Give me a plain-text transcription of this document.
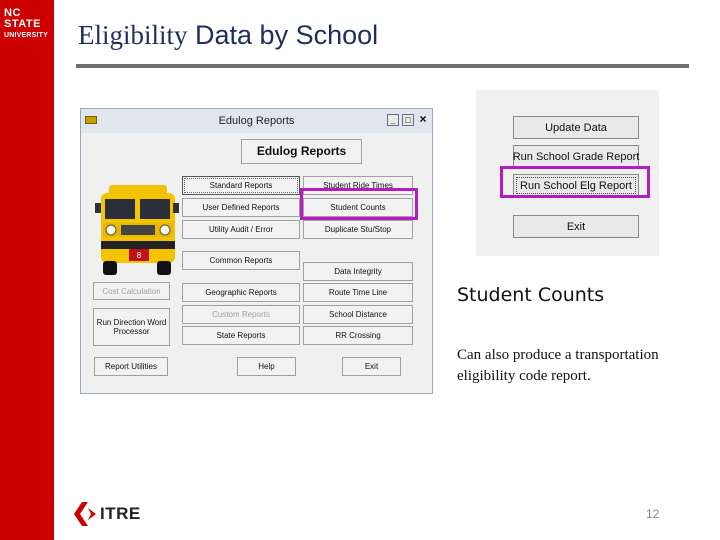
NC STATE
UNIVERSITY Eligibility Data by School
Edulog Reports	_	□ ×
Edulog Reports
8
Standard Reports
User Defined Reports
Utility Audit / Error
Common Reports
Cost Calculation	Geographic Reports
Run Direction Word Processor
Custom Reports
State Reports
Student Ride Times
Student Counts
Duplicate Stu/Stop
Data Integrity
Route Time Line
School Distance
RR Crossing
Report Utilities	Help	Exit
Update Data
Run School Grade Report
Run School Elg Report
Exit
Student Counts
Can also produce a transportation eligibility code report.
ITRE	12
